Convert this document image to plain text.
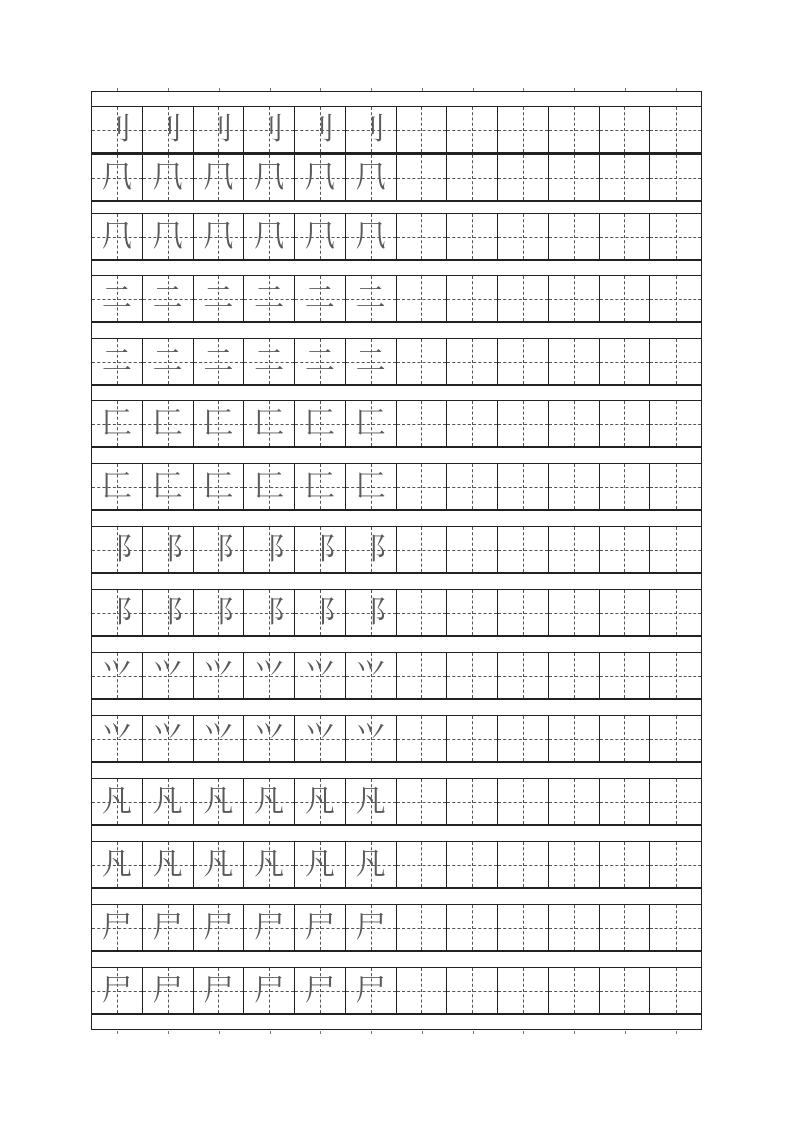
刂 刂 刂 刂 刂 刂
⺇ ⺇ ⺇ ⺇ ⺇ ⺇
⺇ ⺇ ⺇ ⺇ ⺇ ⺇
⼆ ⼆ ⼆ ⼆ ⼆ ⼆
⼆ ⼆ ⼆ ⼆ ⼆ ⼆
匚 匚 匚 匚 匚 匚
匚 匚 匚 匚 匚 匚
⻏ ⻏ ⻏ ⻏ ⻏ ⻏
⻏ ⻏ ⻏ ⻏ ⻏ ⻏
⺍ ⺍ ⺍ ⺍ ⺍ ⺍
⺍ ⺍ ⺍ ⺍ ⺍ ⺍
凡 凡 凡 凡 凡 凡
凡 凡 凡 凡 凡 凡
⼫ ⼫ ⼫ ⼫ ⼫ ⼫
⼫ ⼫ ⼫ ⼫ ⼫ ⼫
